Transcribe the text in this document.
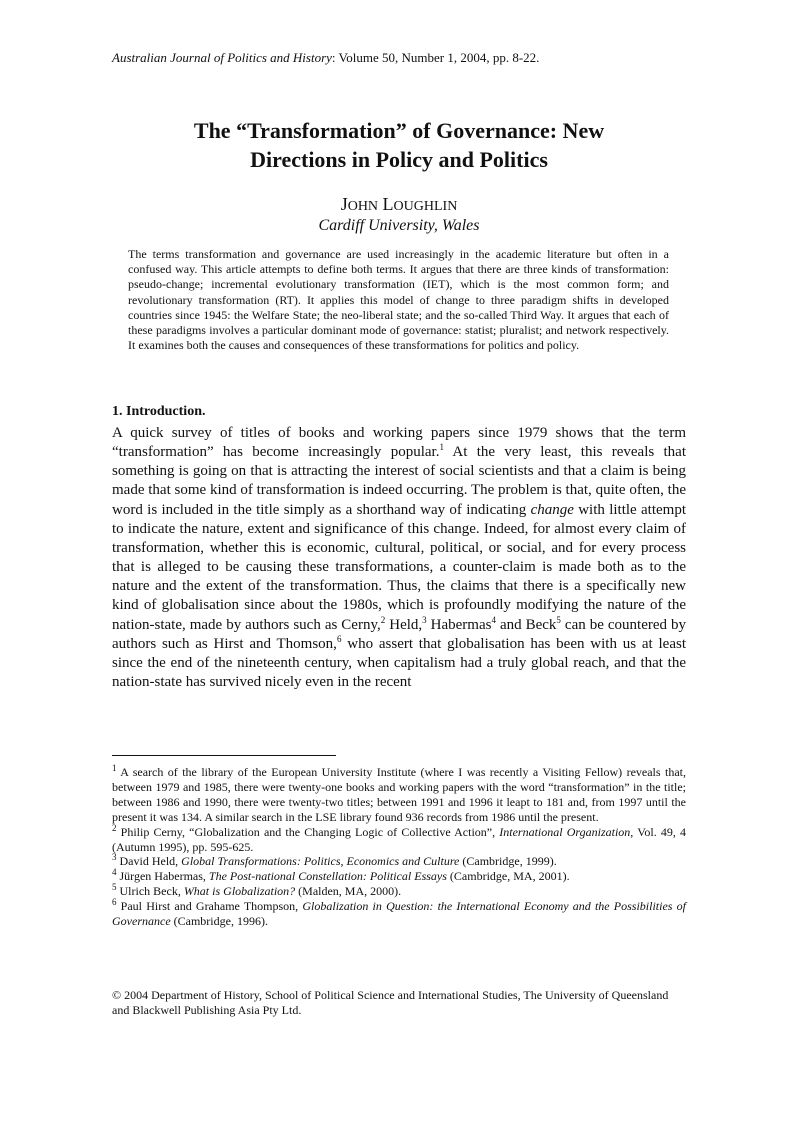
Australian Journal of Politics and History: Volume 50, Number 1, 2004, pp. 8-22.
The “Transformation” of Governance: New
Directions in Policy and Politics
JOHN LOUGHLIN
Cardiff University, Wales

The terms transformation and governance are used increasingly in the academic literature but often in a confused way. This article attempts to define both terms. It argues that there are three kinds of transformation: pseudo-change; incremental evolutionary transformation (IET), which is the most common form; and revolutionary transformation (RT). It applies this model of change to three paradigm shifts in developed countries since 1945: the Welfare State; the neo-liberal state; and the so-called Third Way. It argues that each of these paradigms involves a particular dominant mode of governance: statist; pluralist; and network respectively. It examines both the causes and consequences of these transformations for politics and policy.

1. Introduction.

A quick survey of titles of books and working papers since 1979 shows that the term “transformation” has become increasingly popular.$^1$ At the very least, this reveals that something is going on that is attracting the interest of social scientists and that a claim is being made that some kind of transformation is indeed occurring. The problem is that, quite often, the word is included in the title simply as a shorthand way of indicating change with little attempt to indicate the nature, extent and significance of this change. Indeed, for almost every claim of transformation, whether this is economic, cultural, political, or social, and for every process that is alleged to be causing these transformations, a counter-claim is made both as to the nature and the extent of the transformation. Thus, the claims that there is a specifically new kind of globalisation since about the 1980s, which is profoundly modifying the nature of the nation-state, made by authors such as Cerny,$^2$ Held,$^3$ Habermas$^4$ and Beck$^5$ can be countered by authors such as Hirst and Thomson,$^6$ who assert that globalisation has been with us at least since the end of the nineteenth century, when capitalism had a truly global reach, and that the nation-state has survived nicely even in the recent

$^1$ A search of the library of the European University Institute (where I was recently a Visiting Fellow) reveals that, between 1979 and 1985, there were twenty-one books and working papers with the word “transformation” in the title; between 1986 and 1990, there were twenty-two titles; between 1991 and 1996 it leapt to 181 and, from 1997 until the present it was 134. A similar search in the LSE library found 936 records from 1986 until the present.

$^2$ Philip Cerny, “Globalization and the Changing Logic of Collective Action”, International Organization, Vol. 49, 4 (Autumn 1995), pp. 595-625.

$^3$ David Held, Global Transformations: Politics, Economics and Culture (Cambridge, 1999).

$^4$ Jürgen Habermas, The Post-national Constellation: Political Essays (Cambridge, MA, 2001).

$^5$ Ulrich Beck, What is Globalization? (Malden, MA, 2000).

$^6$ Paul Hirst and Grahame Thompson, Globalization in Question: the International Economy and the Possibilities of Governance (Cambridge, 1996).

© 2004 Department of History, School of Political Science and International Studies, The University of Queensland and Blackwell Publishing Asia Pty Ltd.
